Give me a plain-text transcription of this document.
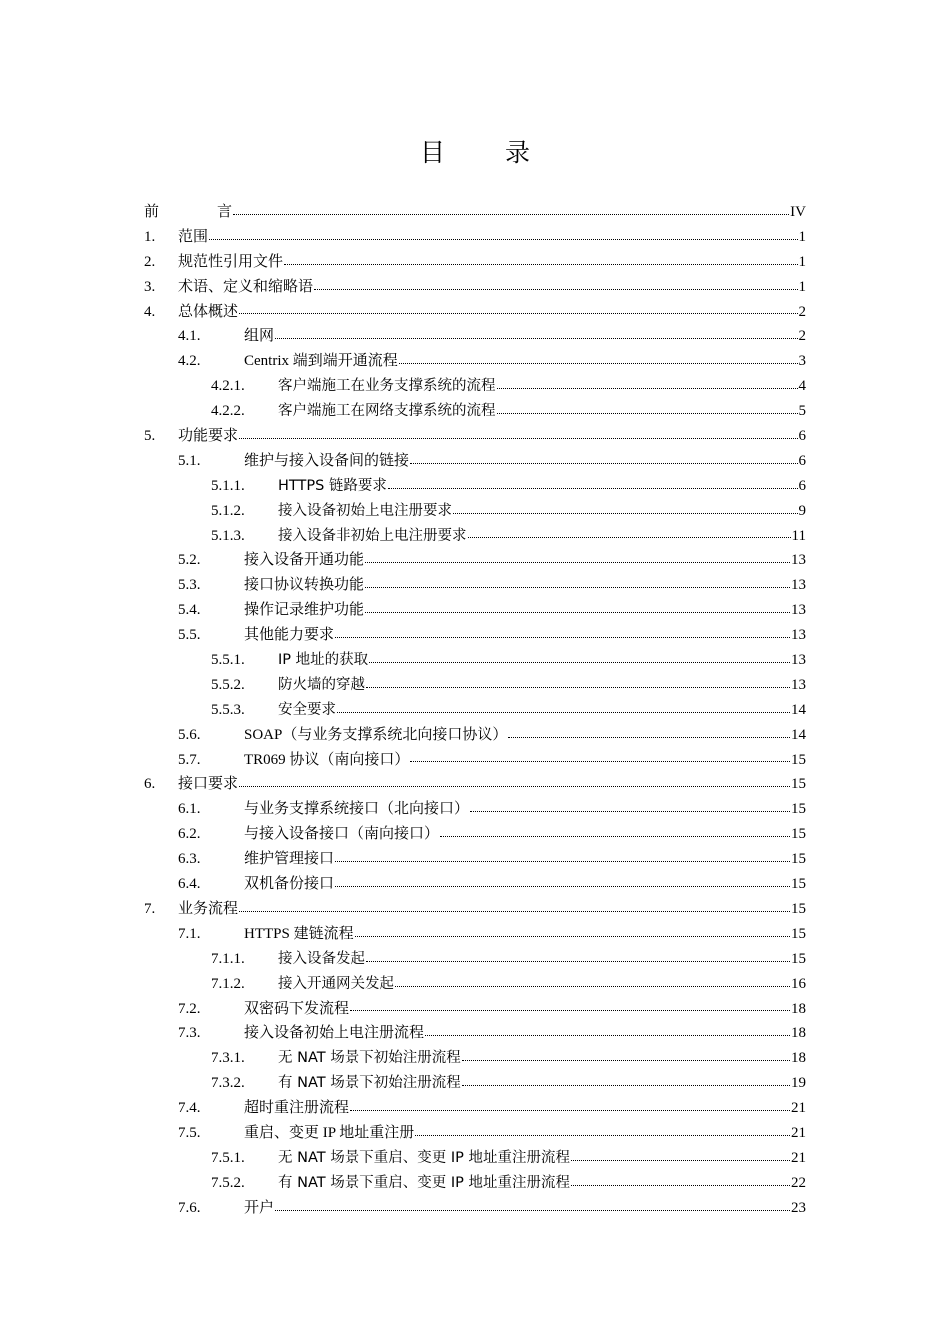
目 录
前	言	IV
1.	范围	1
2.	规范性引用文件	1
3.	术语、定义和缩略语	1
4.	总体概述	2
4.1.	组网	2
4.2.	Centrix 端到端开通流程	3
4.2.1.	客户端施工在业务支撑系统的流程	4
4.2.2.	客户端施工在网络支撑系统的流程	5
5.	功能要求	6
5.1.	维护与接入设备间的链接	6
5.1.1.	HTTPS 链路要求	6
5.1.2.	接入设备初始上电注册要求	9
5.1.3.	接入设备非初始上电注册要求	11
5.2.	接入设备开通功能	13
5.3.	接口协议转换功能	13
5.4.	操作记录维护功能	13
5.5.	其他能力要求	13
5.5.1.	IP 地址的获取	13
5.5.2.	防火墙的穿越	13
5.5.3.	安全要求	14
5.6.	SOAP（与业务支撑系统北向接口协议）	14
5.7.	TR069 协议（南向接口）	15
6.	接口要求	15
6.1.	与业务支撑系统接口（北向接口）	15
6.2.	与接入设备接口（南向接口）	15
6.3.	维护管理接口	15
6.4.	双机备份接口	15
7.	业务流程	15
7.1.	HTTPS 建链流程	15
7.1.1.	接入设备发起	15
7.1.2.	接入开通网关发起	16
7.2.	双密码下发流程	18
7.3.	接入设备初始上电注册流程	18
7.3.1.	无 NAT 场景下初始注册流程	18
7.3.2.	有 NAT 场景下初始注册流程	19
7.4.	超时重注册流程	21
7.5.	重启、变更 IP 地址重注册	21
7.5.1.	无 NAT 场景下重启、变更 IP 地址重注册流程	21
7.5.2.	有 NAT 场景下重启、变更 IP 地址重注册流程	22
7.6.	开户	23
